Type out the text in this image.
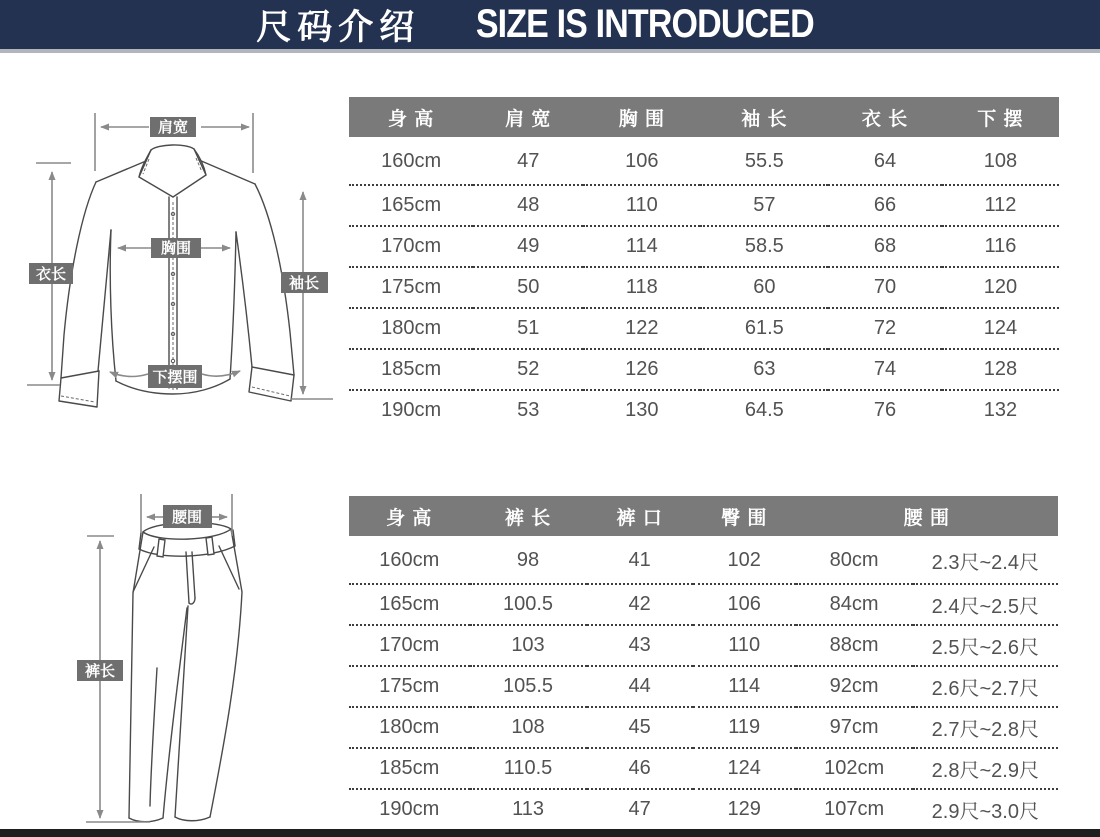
尺码介绍 SIZE IS INTRODUCED
肩宽
胸围
衣长
袖长
下摆围
腰围
裤长
身 高	肩 宽	胸 围	袖 长	衣 长	下 摆
160cm	47	106	55.5	64	108
165cm	48	110	57	66	112
170cm	49	114	58.5	68	116
175cm	50	118	60	70	120
180cm	51	122	61.5	72	124
185cm	52	126	63	74	128
190cm	53	130	64.5	76	132
身 高	裤 长	裤 口	臀 围	腰 围	
160cm	98	41	102	80cm	2.3尺~2.4尺
165cm	100.5	42	106	84cm	2.4尺~2.5尺
170cm	103	43	110	88cm	2.5尺~2.6尺
175cm	105.5	44	114	92cm	2.6尺~2.7尺
180cm	108	45	119	97cm	2.7尺~2.8尺
185cm	110.5	46	124	102cm	2.8尺~2.9尺
190cm	113	47	129	107cm	2.9尺~3.0尺
